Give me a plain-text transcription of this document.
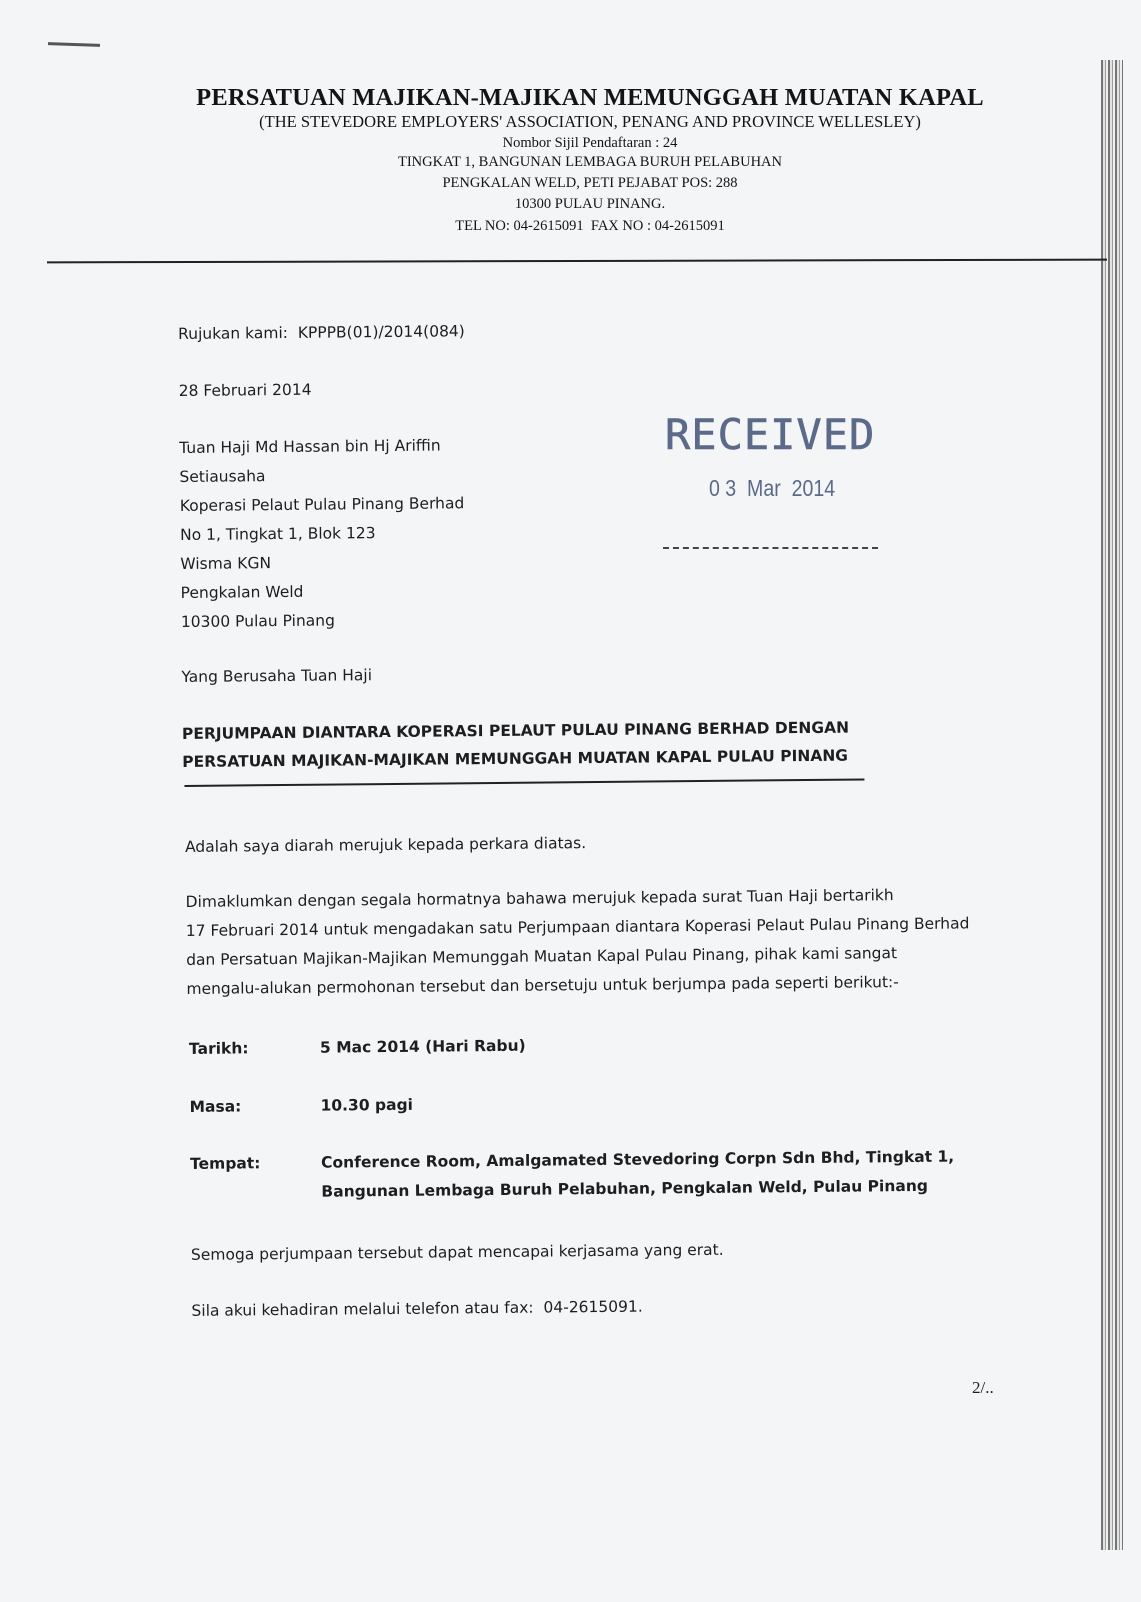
PERSATUAN MAJIKAN-MAJIKAN MEMUNGGAH MUATAN KAPAL
(THE STEVEDORE EMPLOYERS' ASSOCIATION, PENANG AND PROVINCE WELLESLEY)
Nombor Sijil Pendaftaran : 24
TINGKAT 1, BANGUNAN LEMBAGA BURUH PELABUHAN
PENGKALAN WELD, PETI PEJABAT POS: 288
10300 PULAU PINANG.
TEL NO: 04-2615091  FAX NO : 04-2615091
RECEIVED
0 3  Mar  2014
Rujukan kami:  KPPPB(01)/2014(084)
28 Februari 2014
Tuan Haji Md Hassan bin Hj Ariffin
Setiausaha
Koperasi Pelaut Pulau Pinang Berhad
No 1, Tingkat 1, Blok 123
Wisma KGN
Pengkalan Weld
10300 Pulau Pinang
Yang Berusaha Tuan Haji
PERJUMPAAN DIANTARA KOPERASI PELAUT PULAU PINANG BERHAD DENGAN
PERSATUAN MAJIKAN-MAJIKAN MEMUNGGAH MUATAN KAPAL PULAU PINANG
Adalah saya diarah merujuk kepada perkara diatas.
Dimaklumkan dengan segala hormatnya bahawa merujuk kepada surat Tuan Haji bertarikh
17 Februari 2014 untuk mengadakan satu Perjumpaan diantara Koperasi Pelaut Pulau Pinang Berhad
dan Persatuan Majikan-Majikan Memunggah Muatan Kapal Pulau Pinang, pihak kami sangat
mengalu-alukan permohonan tersebut dan bersetuju untuk berjumpa pada seperti berikut:-
Tarikh:	5 Mac 2014 (Hari Rabu)
Masa:	10.30 pagi
Tempat:	Conference Room, Amalgamated Stevedoring Corpn Sdn Bhd, Tingkat 1,
Bangunan Lembaga Buruh Pelabuhan, Pengkalan Weld, Pulau Pinang
Semoga perjumpaan tersebut dapat mencapai kerjasama yang erat.
Sila akui kehadiran melalui telefon atau fax:  04-2615091.
2/..
